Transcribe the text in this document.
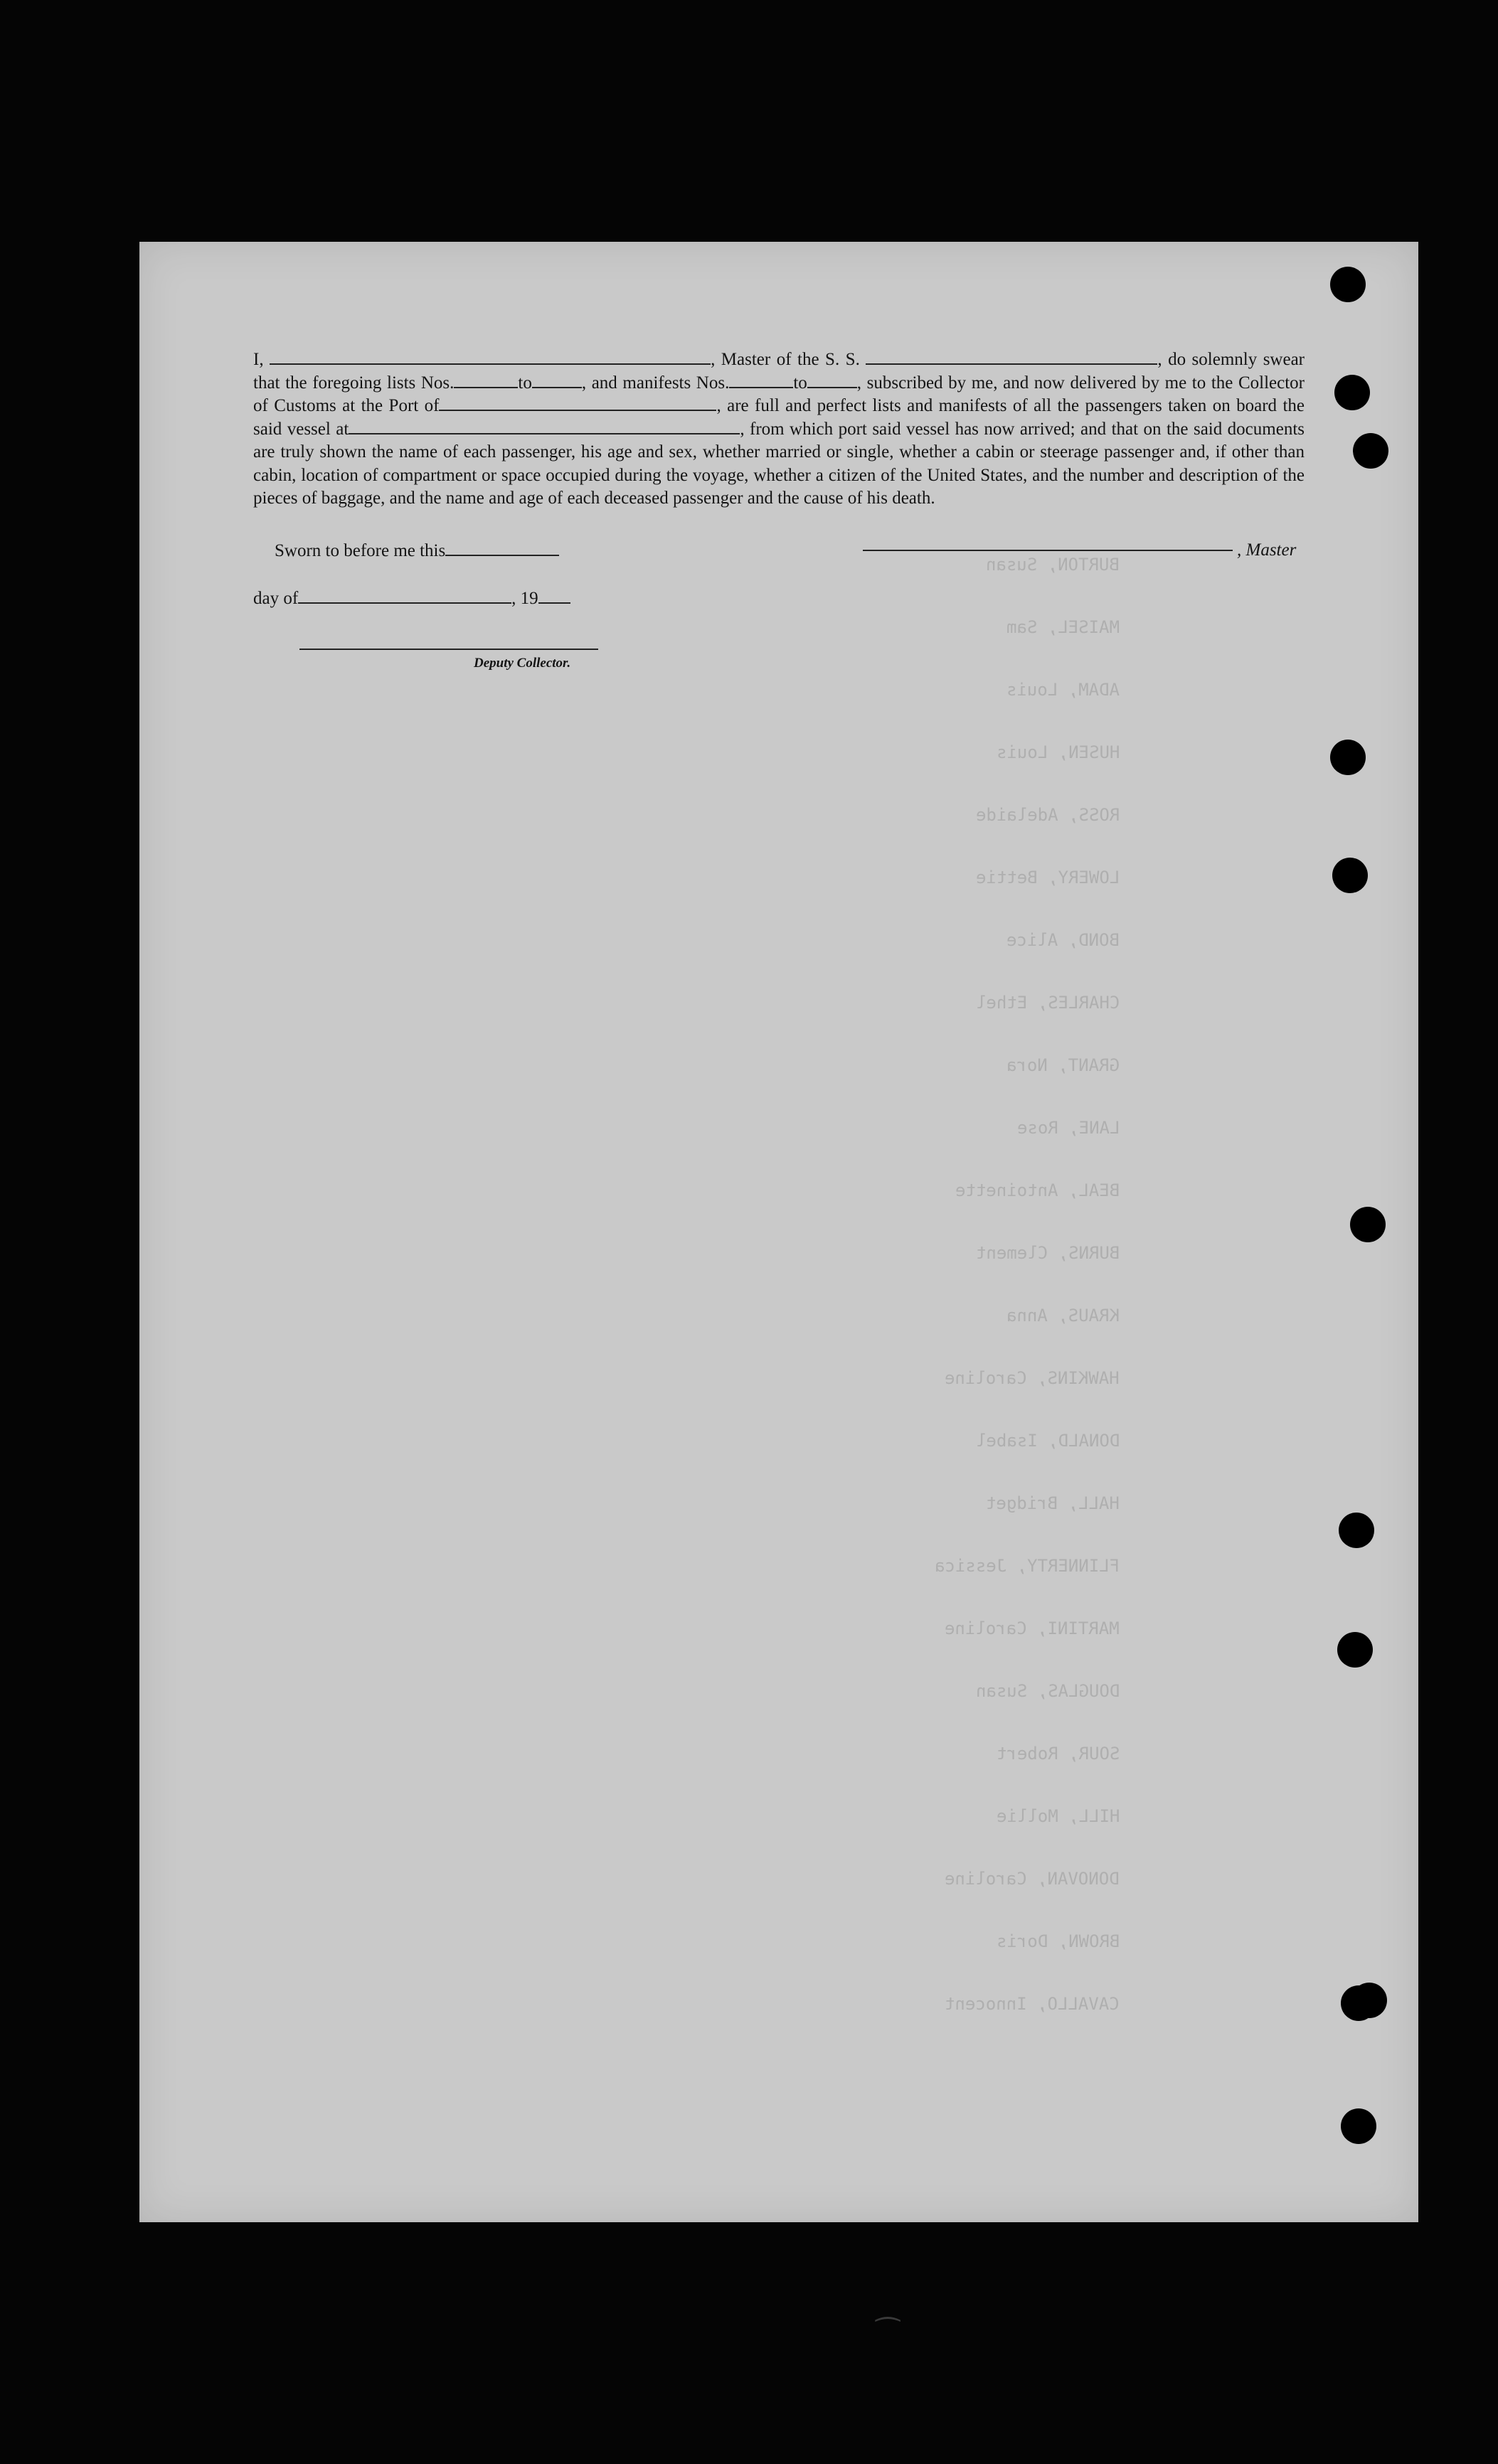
BURTON, Susan
MAISEL, Sam
ADAM, Louis
HUSEN, Louis
ROSS, Adelaide
LOWERY, Bettie
BOND, Alice
CHARLES, Ethel
GRANT, Nora
LANE, Rose
BEAL, Antoinette
BURNS, Clement
KRAUS, Anna
HAWKINS, Caroline
DONALD, Isabel
HALL, Bridget
FLINNERTY, Jessica
MARTINI, Caroline
DOUGLAS, Susan
SOUR, Robert
HILL, Mollie
DONOVAN, Caroline
BROWN, Doris
CAVALLO, Innocent

I,	, Master of the S. S.	, do solemnly swear that the foregoing lists Nos.	to	, and manifests Nos.	to	, subscribed by me, and now delivered by me to the Collector of Customs at the Port of	, are full and perfect lists and manifests of all the passengers taken on board the said vessel at	, from which port said vessel has now arrived; and that on the said documents are truly shown the name of each passenger, his age and sex, whether married or single, whether a cabin or steerage passenger and, if other than cabin, location of compartment or space occupied during the voyage, whether a citizen of the United States, and the number and description of the pieces of baggage, and the name and age of each deceased passenger and the cause of his death.

Sworn to before me this	, Master
day of	, 19
Deputy Collector.
⁀
